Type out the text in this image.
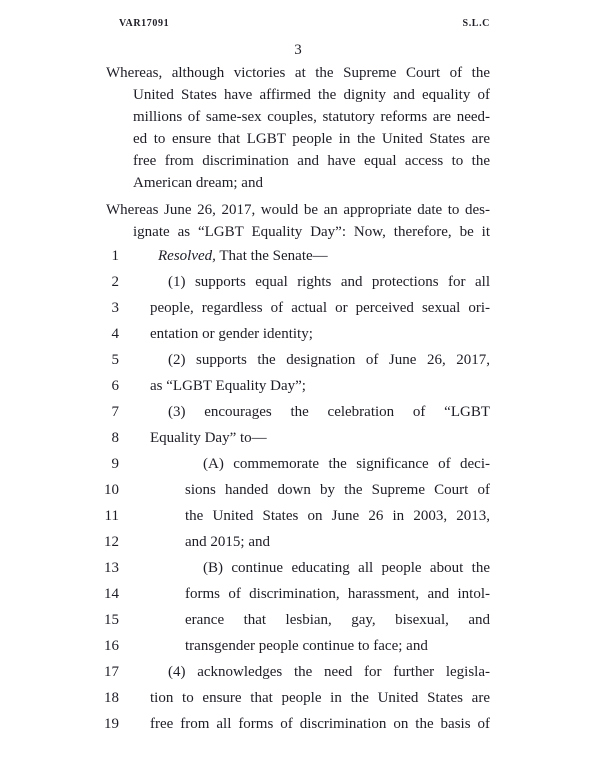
VAR17091	S.L.C
3
Whereas, although victories at the Supreme Court of the
United States have affirmed the dignity and equality of
millions of same-sex couples, statutory reforms are need-
ed to ensure that LGBT people in the United States are
free from discrimination and have equal access to the
American dream; and
Whereas June 26, 2017, would be an appropriate date to des-
ignate as “LGBT Equality Day”: Now, therefore, be it
1	Resolved, That the Senate—
2	(1) supports equal rights and protections for all
3 people, regardless of actual or perceived sexual ori-
4 entation or gender identity;
5	(2) supports the designation of June 26, 2017,
6 as “LGBT Equality Day”;
7	(3) encourages the celebration of “LGBT
8 Equality Day” to—
9	(A) commemorate the significance of deci-
10	sions handed down by the Supreme Court of
11	the United States on June 26 in 2003, 2013,
12	and 2015; and
13	(B) continue educating all people about the
14	forms of discrimination, harassment, and intol-
15	erance that lesbian, gay, bisexual, and
16	transgender people continue to face; and
17	(4) acknowledges the need for further legisla-
18 tion to ensure that people in the United States are
19 free from all forms of discrimination on the basis of
